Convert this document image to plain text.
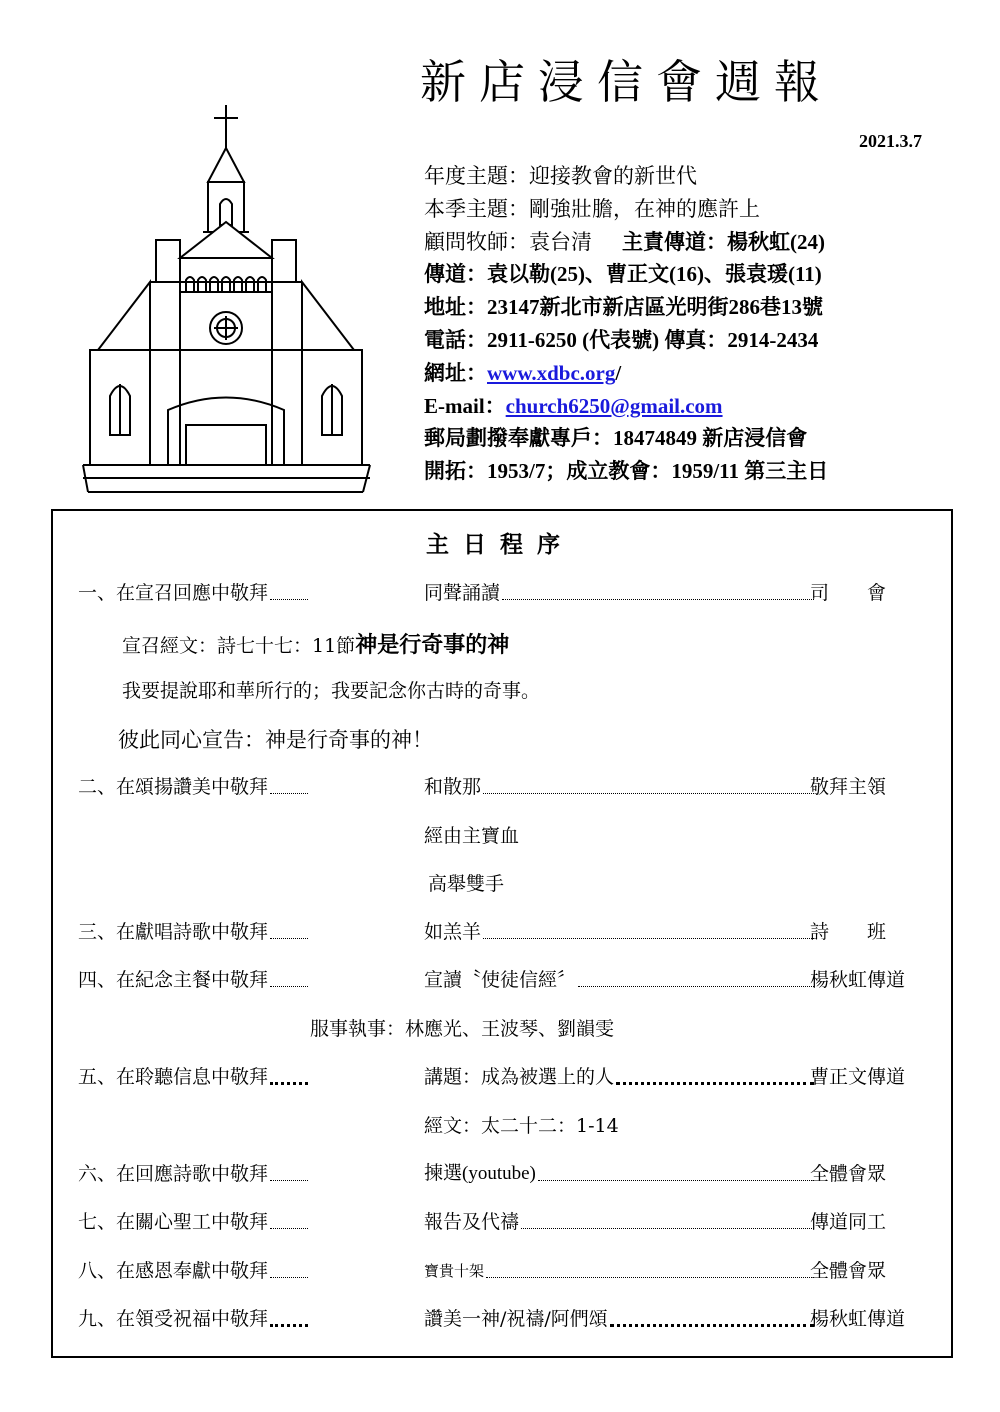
新店浸信會週報
2021.3.7
年度主題：迎接教會的新世代
本季主題：剛強壯膽，在神的應許上
顧問牧師：袁台清 主責傳道：楊秋虹(24)
傳道：袁以勒(25)、曹正文(16)、張袁瑗(11)
地址：23147新北市新店區光明街286巷13號
電話：2911-6250 (代表號) 傳真：2914-2434
網址：www.xdbc.org/
E-mail：church6250@gmail.com
郵局劃撥奉獻專戶：18474849 新店浸信會
開拓：1953/7；成立教會：1959/11 第三主日
主日程序
一、在宣召回應中敬拜	同聲誦讀	司　　會
宣召經文：詩七十七：11節神是行奇事的神
我要提說耶和華所行的；我要記念你古時的奇事。
彼此同心宣告：神是行奇事的神！
二、在頌揚讚美中敬拜	和散那	敬拜主領
經由主寶血
高舉雙手
三、在獻唱詩歌中敬拜	如羔羊	詩　　班
四、在紀念主餐中敬拜	宣讀〝使徒信經〞	楊秋虹傳道
服事執事：林應光、王波琴、劉韻雯
五、在聆聽信息中敬拜	講題：成為被選上的人	曹正文傳道
經文：太二十二：1-14
六、在回應詩歌中敬拜	揀選(youtube)	全體會眾
七、在關心聖工中敬拜	報告及代禱	傳道同工
八、在感恩奉獻中敬拜	寶貴十架	全體會眾
九、在領受祝福中敬拜	讚美一神/祝禱/阿們頌	楊秋虹傳道
